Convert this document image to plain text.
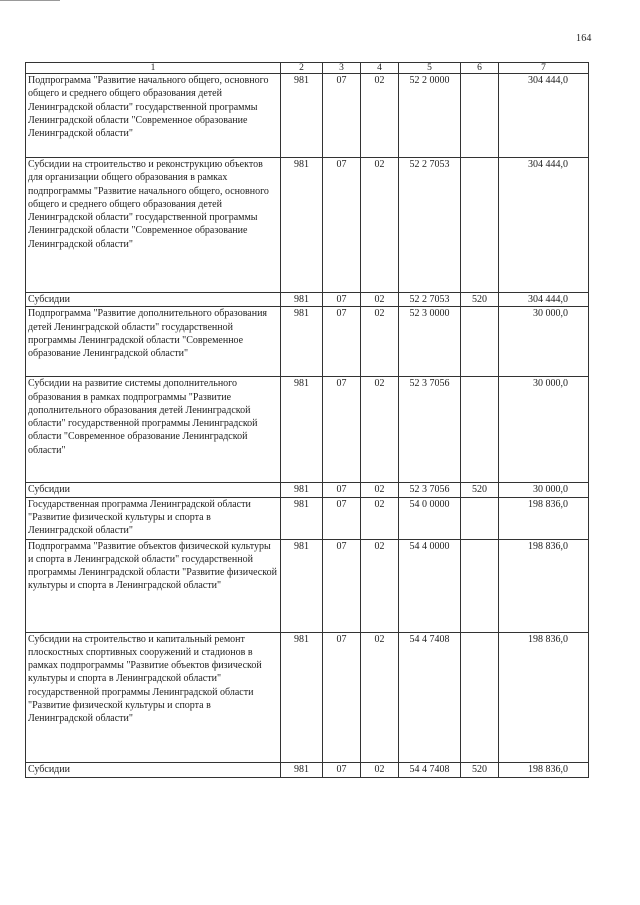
164
1	2	3	4	5	6	7
Подпрограмма "Развитие начального общего, основного общего и среднего общего образования детей Ленинградской области" государственной программы Ленинградской области "Современное образование Ленинградской области"	981	07	02	52 2 0000		304 444,0
Субсидии на строительство и реконструкцию объектов для организации общего образования в рамках подпрограммы "Развитие начального общего, основного общего и среднего общего образования детей Ленинградской области" государственной программы Ленинградской области "Современное образование Ленинградской области"	981	07	02	52 2 7053		304 444,0
Субсидии	981	07	02	52 2 7053	520	304 444,0
Подпрограмма "Развитие дополнительного образования детей Ленинградской области" государственной программы Ленинградской области "Современное образование Ленинградской области"	981	07	02	52 3 0000		30 000,0
Субсидии на развитие системы дополнительного образования в рамках подпрограммы "Развитие дополнительного образования детей Ленинградской области" государственной программы Ленинградской области "Современное образование Ленинградской области"	981	07	02	52 3 7056		30 000,0
Субсидии	981	07	02	52 3 7056	520	30 000,0
Государственная программа Ленинградской области "Развитие физической культуры и спорта в Ленинградской области"	981	07	02	54 0 0000		198 836,0
Подпрограмма "Развитие объектов физической культуры и спорта в Ленинградской области" государственной программы Ленинградской области "Развитие физической культуры и спорта в Ленинградской области"	981	07	02	54 4 0000		198 836,0
Субсидии на строительство и капитальный ремонт плоскостных спортивных сооружений и стадионов в рамках подпрограммы "Развитие объектов физической культуры и спорта в Ленинградской области" государственной программы Ленинградской области "Развитие физической культуры и спорта в Ленинградской области"	981	07	02	54 4 7408		198 836,0
Субсидии	981	07	02	54 4 7408	520	198 836,0
